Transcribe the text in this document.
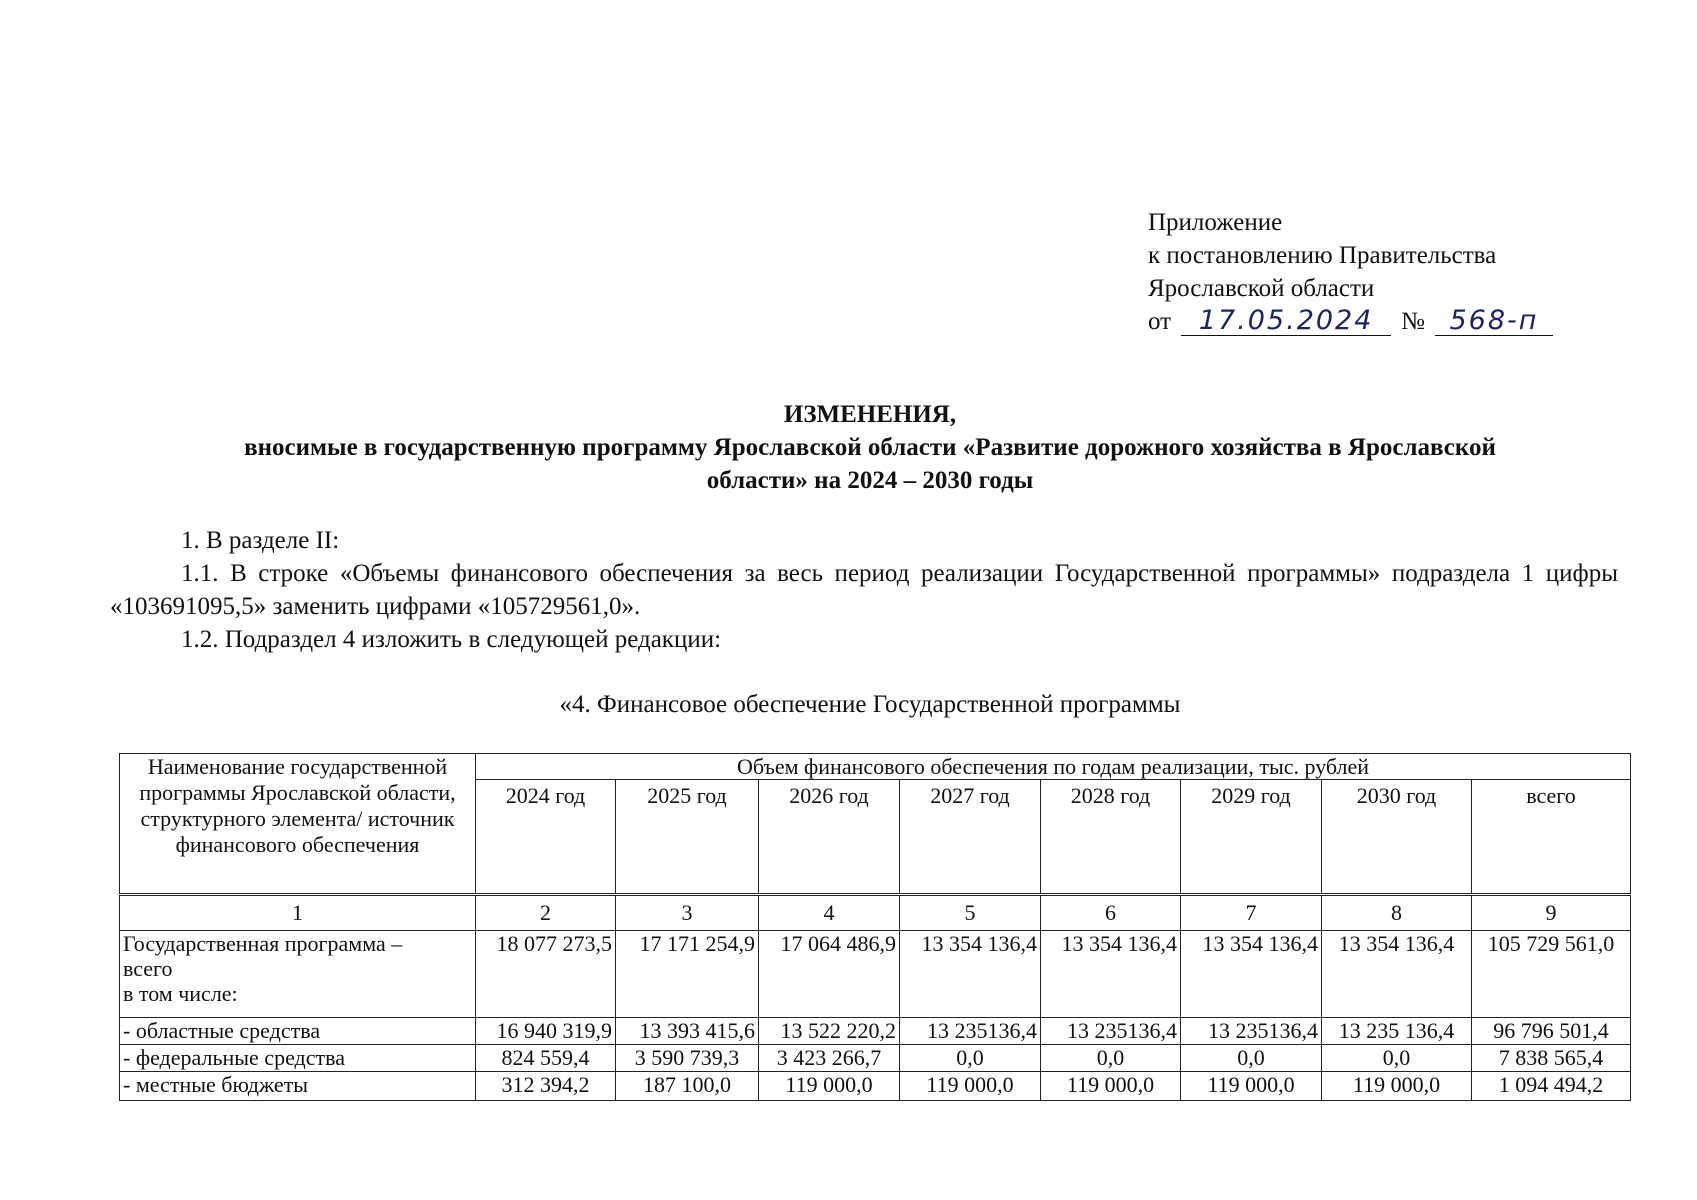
Приложение
к постановлению Правительства
Ярославской области
от 17.05.2024 № 568-п
ИЗМЕНЕНИЯ,
вносимые в государственную программу Ярославской области «Развитие дорожного хозяйства в Ярославской
области» на 2024 – 2030 годы
1. В разделе II:
1.1. В строке «Объемы финансового обеспечения за весь период реализации Государственной программы» подраздела 1 цифры «103691095,5» заменить цифрами «105729561,0».
1.2. Подраздел 4 изложить в следующей редакции:
«4. Финансовое обеспечение Государственной программы
Наименование государственной программы Ярославской области, структурного элемента/ источник финансового обеспечения	Объем финансового обеспечения по годам реализации, тыс. рублей							
	2024 год	2025 год	2026 год	2027 год	2028 год	2029 год	2030 год	всего
1	2	3	4	5	6	7	8	9

Государственная программа –
всего
в том числе:	18 077 273,5	17 171 254,9	17 064 486,9	13 354 136,4	13 354 136,4	13 354 136,4	13 354 136,4	105 729 561,0
- областные средства	16 940 319,9	13 393 415,6	13 522 220,2	13 235136,4	13 235136,4	13 235136,4	13 235 136,4	96 796 501,4
- федеральные средства	824 559,4	3 590 739,3	3 423 266,7	0,0	0,0	0,0	0,0	7 838 565,4
- местные бюджеты	312 394,2	187 100,0	119 000,0	119 000,0	119 000,0	119 000,0	119 000,0	1 094 494,2
